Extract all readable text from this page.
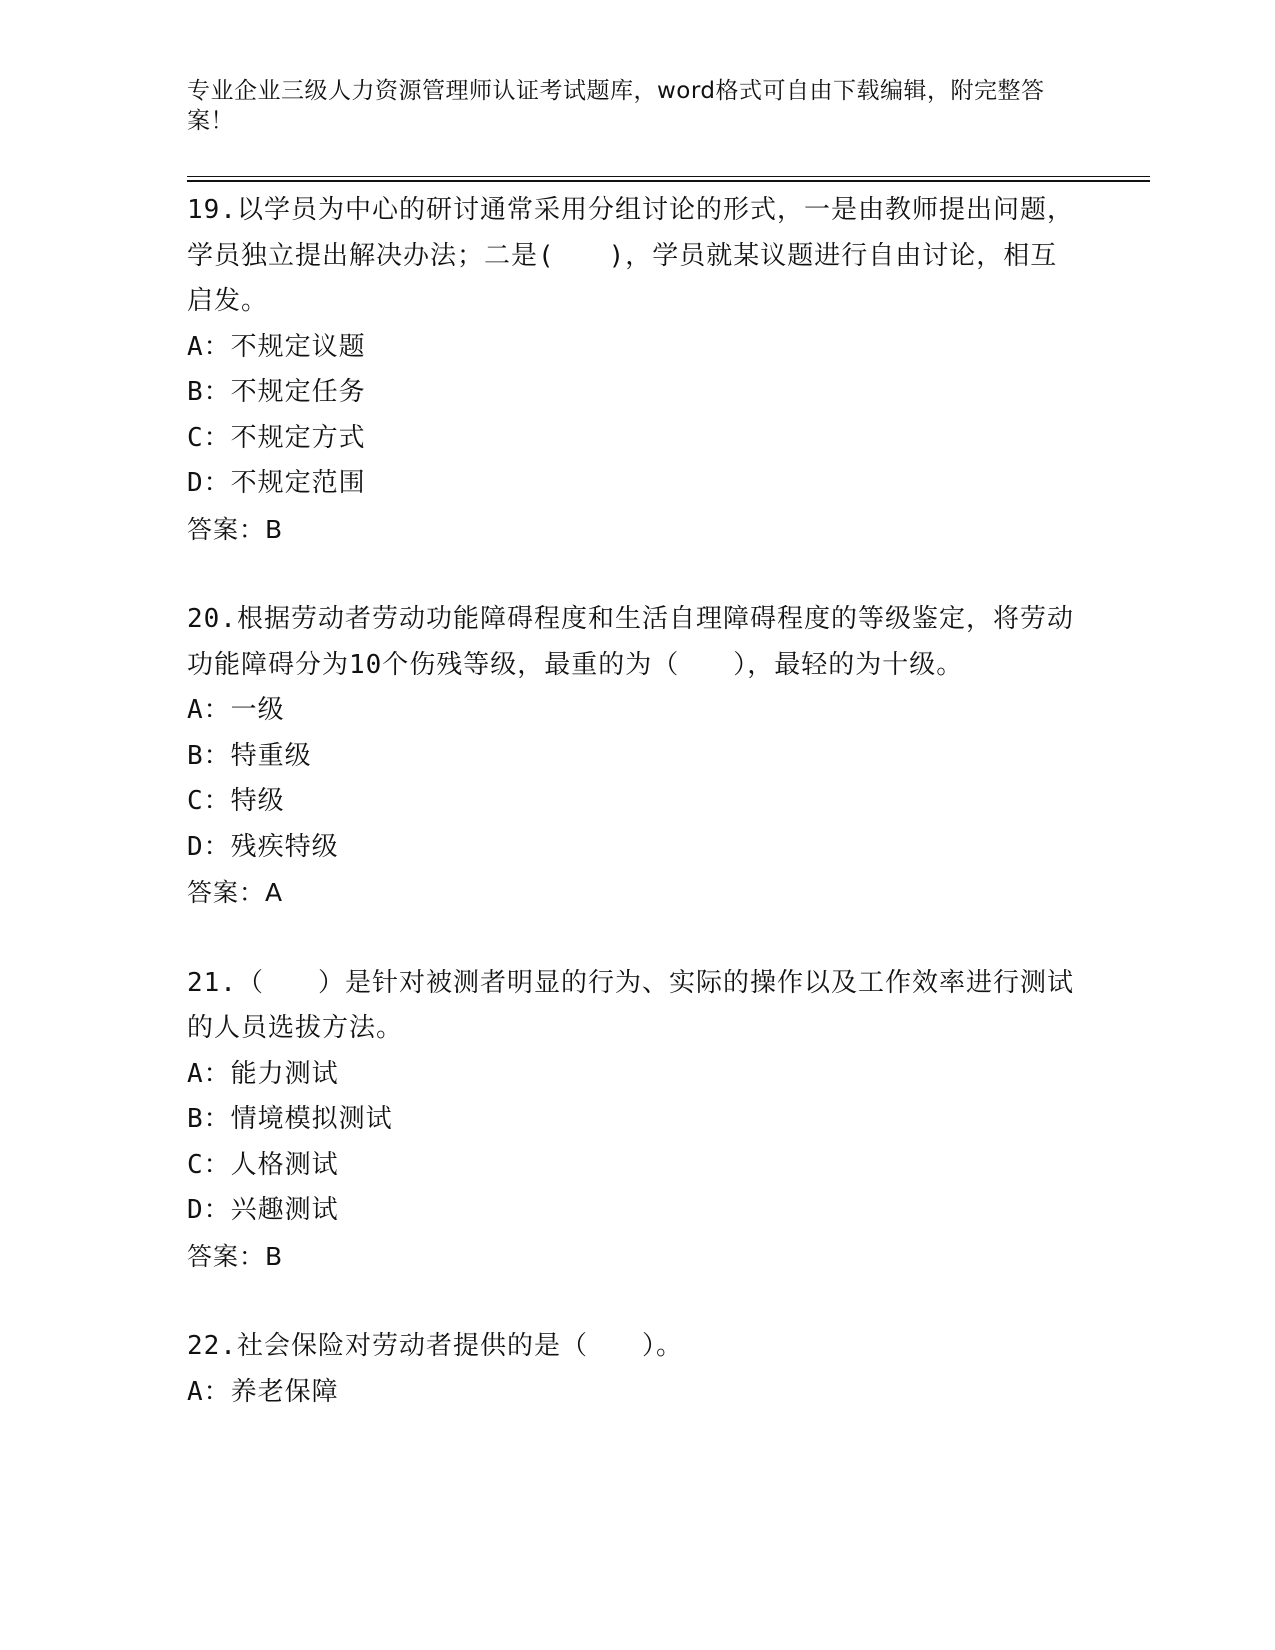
专业企业三级人力资源管理师认证考试题库，word格式可自由下载编辑，附完整答案！
19.以学员为中心的研讨通常采用分组讨论的形式，一是由教师提出问题，学员独立提出解决办法；二是(　　)，学员就某议题进行自由讨论，相互启发。
A：不规定议题
B：不规定任务
C：不规定方式
D：不规定范围
答案：B
20.根据劳动者劳动功能障碍程度和生活自理障碍程度的等级鉴定，将劳动功能障碍分为10个伤残等级，最重的为（　　），最轻的为十级。
A：一级
B：特重级
C：特级
D：残疾特级
答案：A
21.（　　）是针对被测者明显的行为、实际的操作以及工作效率进行测试的人员选拔方法。
A：能力测试
B：情境模拟测试
C：人格测试
D：兴趣测试
答案：B
22.社会保险对劳动者提供的是（　　）。
A：养老保障
